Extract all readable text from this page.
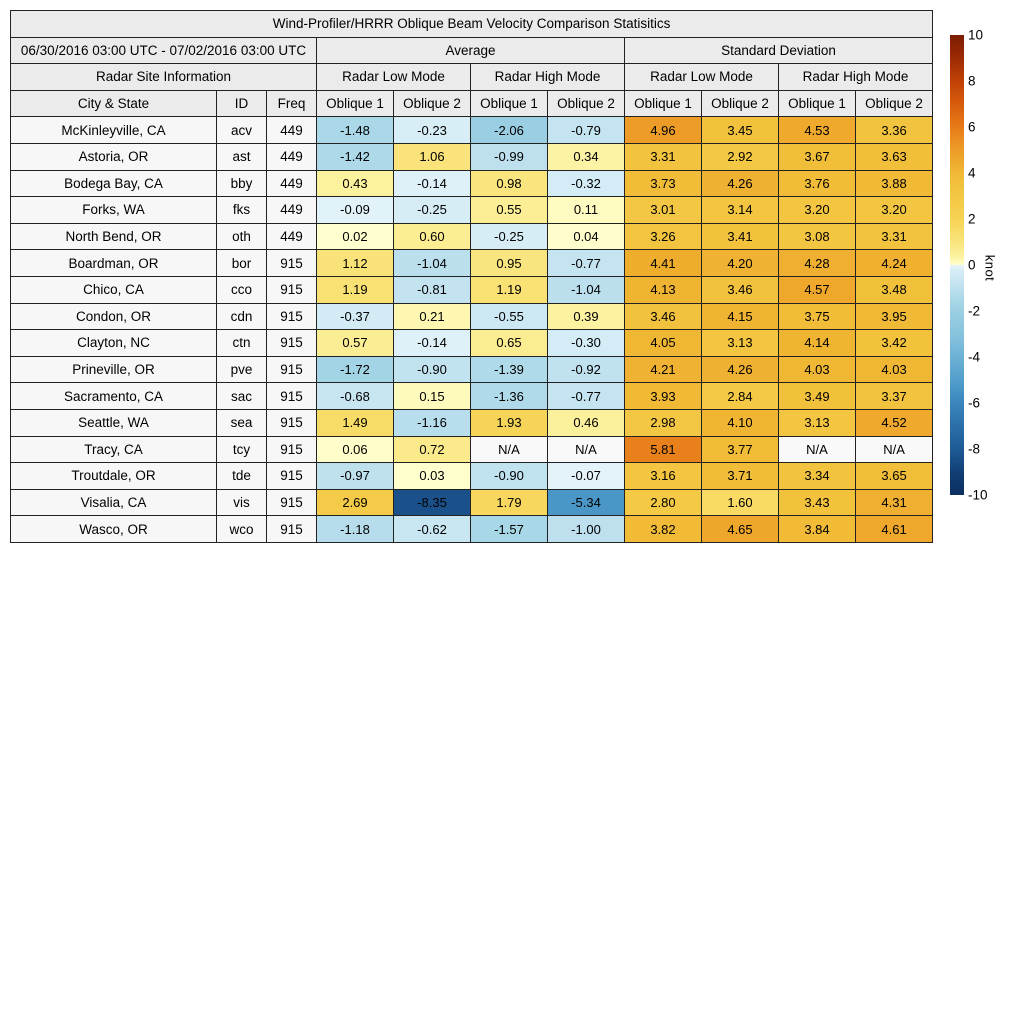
Wind-Profiler/HRRR Oblique Beam Velocity Comparison Statisitics										
06/30/2016 03:00 UTC - 07/02/2016 03:00 UTC			Average				Standard Deviation			
Radar Site Information			Radar Low Mode		Radar High Mode		Radar Low Mode		Radar High Mode	
City & State	ID	Freq	Oblique 1	Oblique 2	Oblique 1	Oblique 2	Oblique 1	Oblique 2	Oblique 1	Oblique 2
McKinleyville, CA	acv	449	-1.48	-0.23	-2.06	-0.79	4.96	3.45	4.53	3.36
Astoria, OR	ast	449	-1.42	1.06	-0.99	0.34	3.31	2.92	3.67	3.63
Bodega Bay, CA	bby	449	0.43	-0.14	0.98	-0.32	3.73	4.26	3.76	3.88
Forks, WA	fks	449	-0.09	-0.25	0.55	0.11	3.01	3.14	3.20	3.20
North Bend, OR	oth	449	0.02	0.60	-0.25	0.04	3.26	3.41	3.08	3.31
Boardman, OR	bor	915	1.12	-1.04	0.95	-0.77	4.41	4.20	4.28	4.24
Chico, CA	cco	915	1.19	-0.81	1.19	-1.04	4.13	3.46	4.57	3.48
Condon, OR	cdn	915	-0.37	0.21	-0.55	0.39	3.46	4.15	3.75	3.95
Clayton, NC	ctn	915	0.57	-0.14	0.65	-0.30	4.05	3.13	4.14	3.42
Prineville, OR	pve	915	-1.72	-0.90	-1.39	-0.92	4.21	4.26	4.03	4.03
Sacramento, CA	sac	915	-0.68	0.15	-1.36	-0.77	3.93	2.84	3.49	3.37
Seattle, WA	sea	915	1.49	-1.16	1.93	0.46	2.98	4.10	3.13	4.52
Tracy, CA	tcy	915	0.06	0.72	N/A	N/A	5.81	3.77	N/A	N/A
Troutdale, OR	tde	915	-0.97	0.03	-0.90	-0.07	3.16	3.71	3.34	3.65
Visalia, CA	vis	915	2.69	-8.35	1.79	-5.34	2.80	1.60	3.43	4.31
Wasco, OR	wco	915	-1.18	-0.62	-1.57	-1.00	3.82	4.65	3.84	4.61
10
8
6
4
2
0
-2
-4
-6
-8
-10
knot
